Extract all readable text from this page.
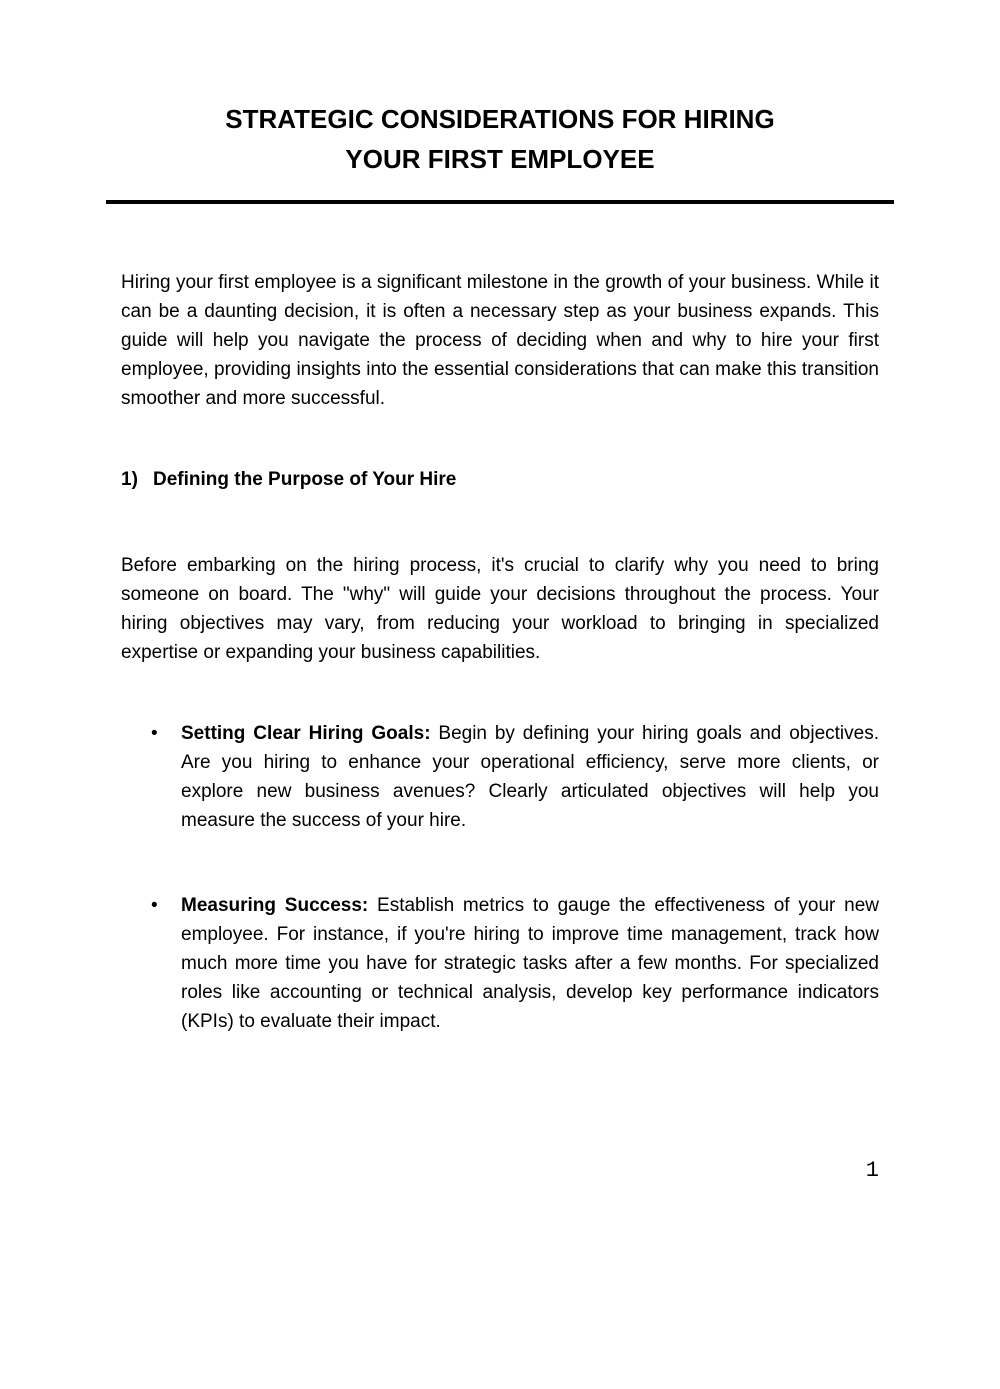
STRATEGIC CONSIDERATIONS FOR HIRING
YOUR FIRST EMPLOYEE

Hiring your first employee is a significant milestone in the growth of your business. While it can be a daunting decision, it is often a necessary step as your business expands. This guide will help you navigate the process of deciding when and why to hire your first employee, providing insights into the essential considerations that can make this transition smoother and more successful.

1) Defining the Purpose of Your Hire

Before embarking on the hiring process, it's crucial to clarify why you need to bring someone on board. The "why" will guide your decisions throughout the process. Your hiring objectives may vary, from reducing your workload to bringing in specialized expertise or expanding your business capabilities.

•	Setting Clear Hiring Goals: Begin by defining your hiring goals and objectives. Are you hiring to enhance your operational efficiency, serve more clients, or explore new business avenues? Clearly articulated objectives will help you measure the success of your hire.
•	Measuring Success: Establish metrics to gauge the effectiveness of your new employee. For instance, if you're hiring to improve time management, track how much more time you have for strategic tasks after a few months. For specialized roles like accounting or technical analysis, develop key performance indicators (KPIs) to evaluate their impact.
1
